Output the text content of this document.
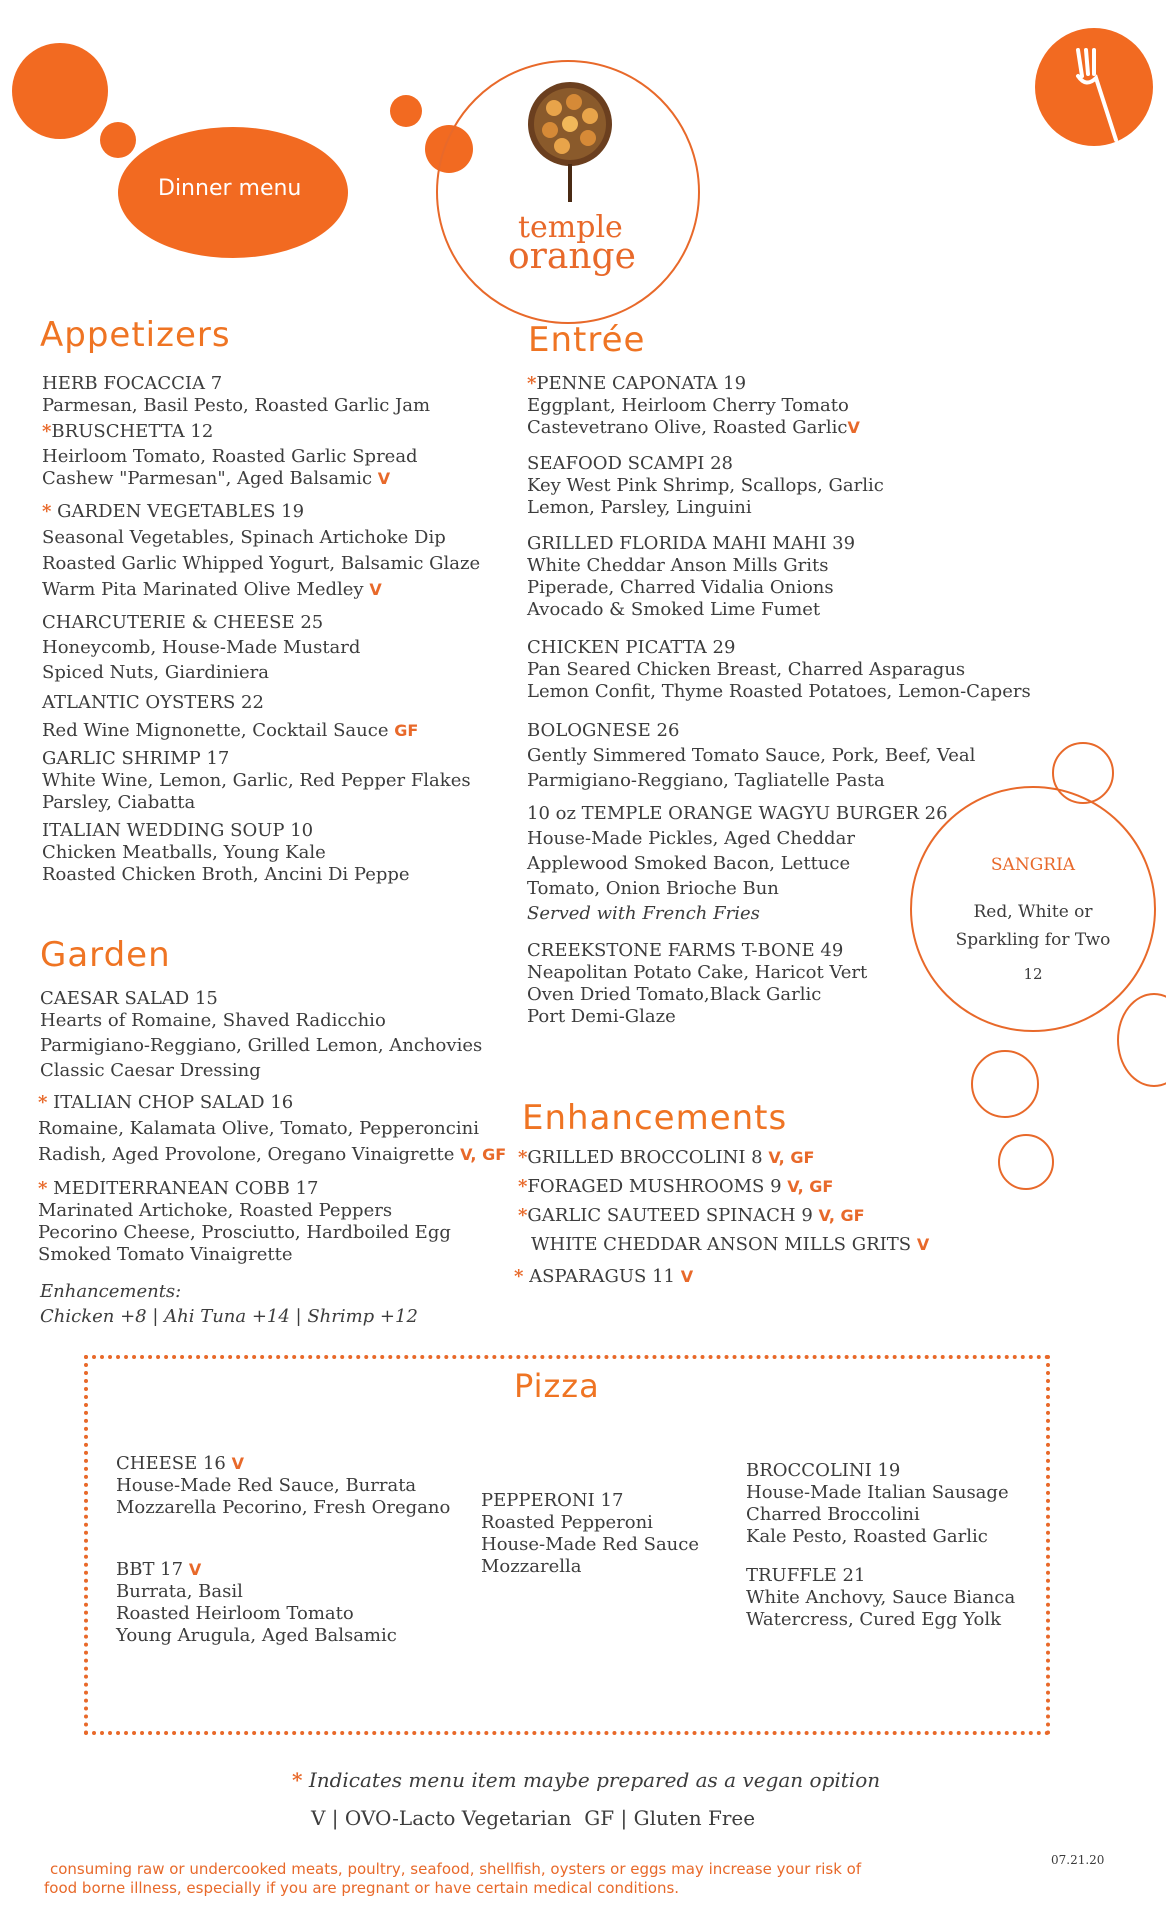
Dinner menu
temple
orange
Appetizers
HERB FOCACCIA 7
Parmesan, Basil Pesto, Roasted Garlic Jam
*BRUSCHETTA 12
Heirloom Tomato, Roasted Garlic Spread
Cashew "Parmesan", Aged Balsamic V
* GARDEN VEGETABLES 19
Seasonal Vegetables, Spinach Artichoke Dip
Roasted Garlic Whipped Yogurt, Balsamic Glaze
Warm Pita Marinated Olive Medley V
CHARCUTERIE & CHEESE 25
Honeycomb, House-Made Mustard
Spiced Nuts, Giardiniera
ATLANTIC OYSTERS 22
Red Wine Mignonette, Cocktail Sauce GF
GARLIC SHRIMP 17
White Wine, Lemon, Garlic, Red Pepper Flakes
Parsley, Ciabatta
ITALIAN WEDDING SOUP 10
Chicken Meatballs, Young Kale
Roasted Chicken Broth, Ancini Di Peppe
Garden
CAESAR SALAD 15
Hearts of Romaine, Shaved Radicchio
Parmigiano-Reggiano, Grilled Lemon, Anchovies
Classic Caesar Dressing
* ITALIAN CHOP SALAD 16
Romaine, Kalamata Olive, Tomato, Pepperoncini
Radish, Aged Provolone, Oregano Vinaigrette V, GF
* MEDITERRANEAN COBB 17
Marinated Artichoke, Roasted Peppers
Pecorino Cheese, Prosciutto, Hardboiled Egg
Smoked Tomato Vinaigrette
Enhancements:
Chicken +8 | Ahi Tuna +14 | Shrimp +12
Entrée
*PENNE CAPONATA 19
Eggplant, Heirloom Cherry Tomato
Castevetrano Olive, Roasted GarlicV
SEAFOOD SCAMPI 28
Key West Pink Shrimp, Scallops, Garlic
Lemon, Parsley, Linguini
GRILLED FLORIDA MAHI MAHI 39
White Cheddar Anson Mills Grits
Piperade, Charred Vidalia Onions
Avocado & Smoked Lime Fumet
CHICKEN PICATTA 29
Pan Seared Chicken Breast, Charred Asparagus
Lemon Confit, Thyme Roasted Potatoes, Lemon-Capers
BOLOGNESE 26
Gently Simmered Tomato Sauce, Pork, Beef, Veal
Parmigiano-Reggiano, Tagliatelle Pasta
10 oz TEMPLE ORANGE WAGYU BURGER 26
House-Made Pickles, Aged Cheddar
Applewood Smoked Bacon, Lettuce
Tomato, Onion Brioche Bun
Served with French Fries
CREEKSTONE FARMS T-BONE 49
Neapolitan Potato Cake, Haricot Vert
Oven Dried Tomato,Black Garlic
Port Demi-Glaze
SANGRIA
Red, White or
Sparkling for Two
12
Enhancements
*GRILLED BROCCOLINI 8 V, GF
*FORAGED MUSHROOMS 9 V, GF
*GARLIC SAUTEED SPINACH 9 V, GF
WHITE CHEDDAR ANSON MILLS GRITS V
* ASPARAGUS 11 V
Pizza
CHEESE 16 V
House-Made Red Sauce, Burrata
Mozzarella Pecorino, Fresh Oregano
BBT 17 V
Burrata, Basil
Roasted Heirloom Tomato
Young Arugula, Aged Balsamic
PEPPERONI 17
Roasted Pepperoni
House-Made Red Sauce
Mozzarella
BROCCOLINI 19
House-Made Italian Sausage
Charred Broccolini
Kale Pesto, Roasted Garlic
TRUFFLE 21
White Anchovy, Sauce Bianca
Watercress, Cured Egg Yolk
* Indicates menu item maybe prepared as a vegan opition
V | OVO-Lacto Vegetarian  GF | Gluten Free
07.21.20
consuming raw or undercooked meats, poultry, seafood, shellfish, oysters or eggs may increase your risk of
food borne illness, especially if you are pregnant or have certain medical conditions.
